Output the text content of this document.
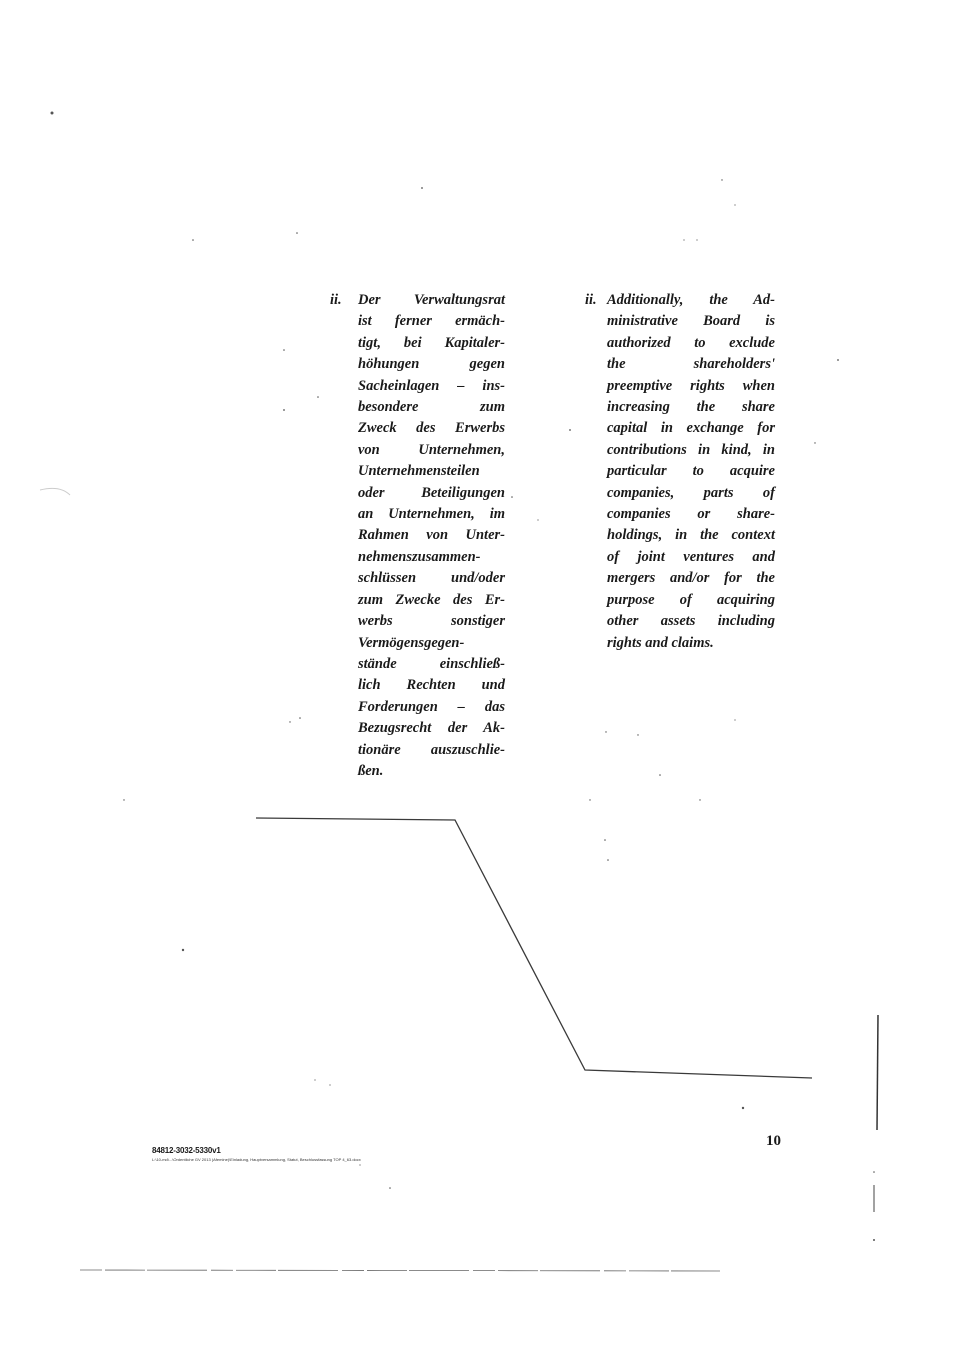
ii. Der Verwaltungsrat
ist ferner ermäch-
tigt, bei Kapitaler-
höhungen gegen
Sacheinlagen – ins-
besondere zum
Zweck des Erwerbs
von Unternehmen,
Unternehmensteilen
oder Beteiligungen
an Unternehmen, im
Rahmen von Unter-
nehmenszusammen-
schlüssen und/oder
zum Zwecke des Er-
werbs sonstiger
Vermögensgegen-
stände einschließ-
lich Rechten und
Forderungen – das
Bezugsrecht der Ak-
tionäre auszuschlie-
ßen.
ii. Additionally, the Ad-
ministrative Board is
authorized to exclude
the shareholders'
preemptive rights when
increasing the share
capital in exchange for
contributions in kind, in
particular to acquire
companies, parts of
companies or share-
holdings, in the context
of joint ventures and
mergers and/or for the
purpose of acquiring
other assets including
rights and claims.
10
84812-3032-5330v1
L:\10-md\...\Ordentliche GV 2013 (Afemine)\Einladung, Hauptversammlung, Statut, Beschlussfassung TOP 4_63.docx
